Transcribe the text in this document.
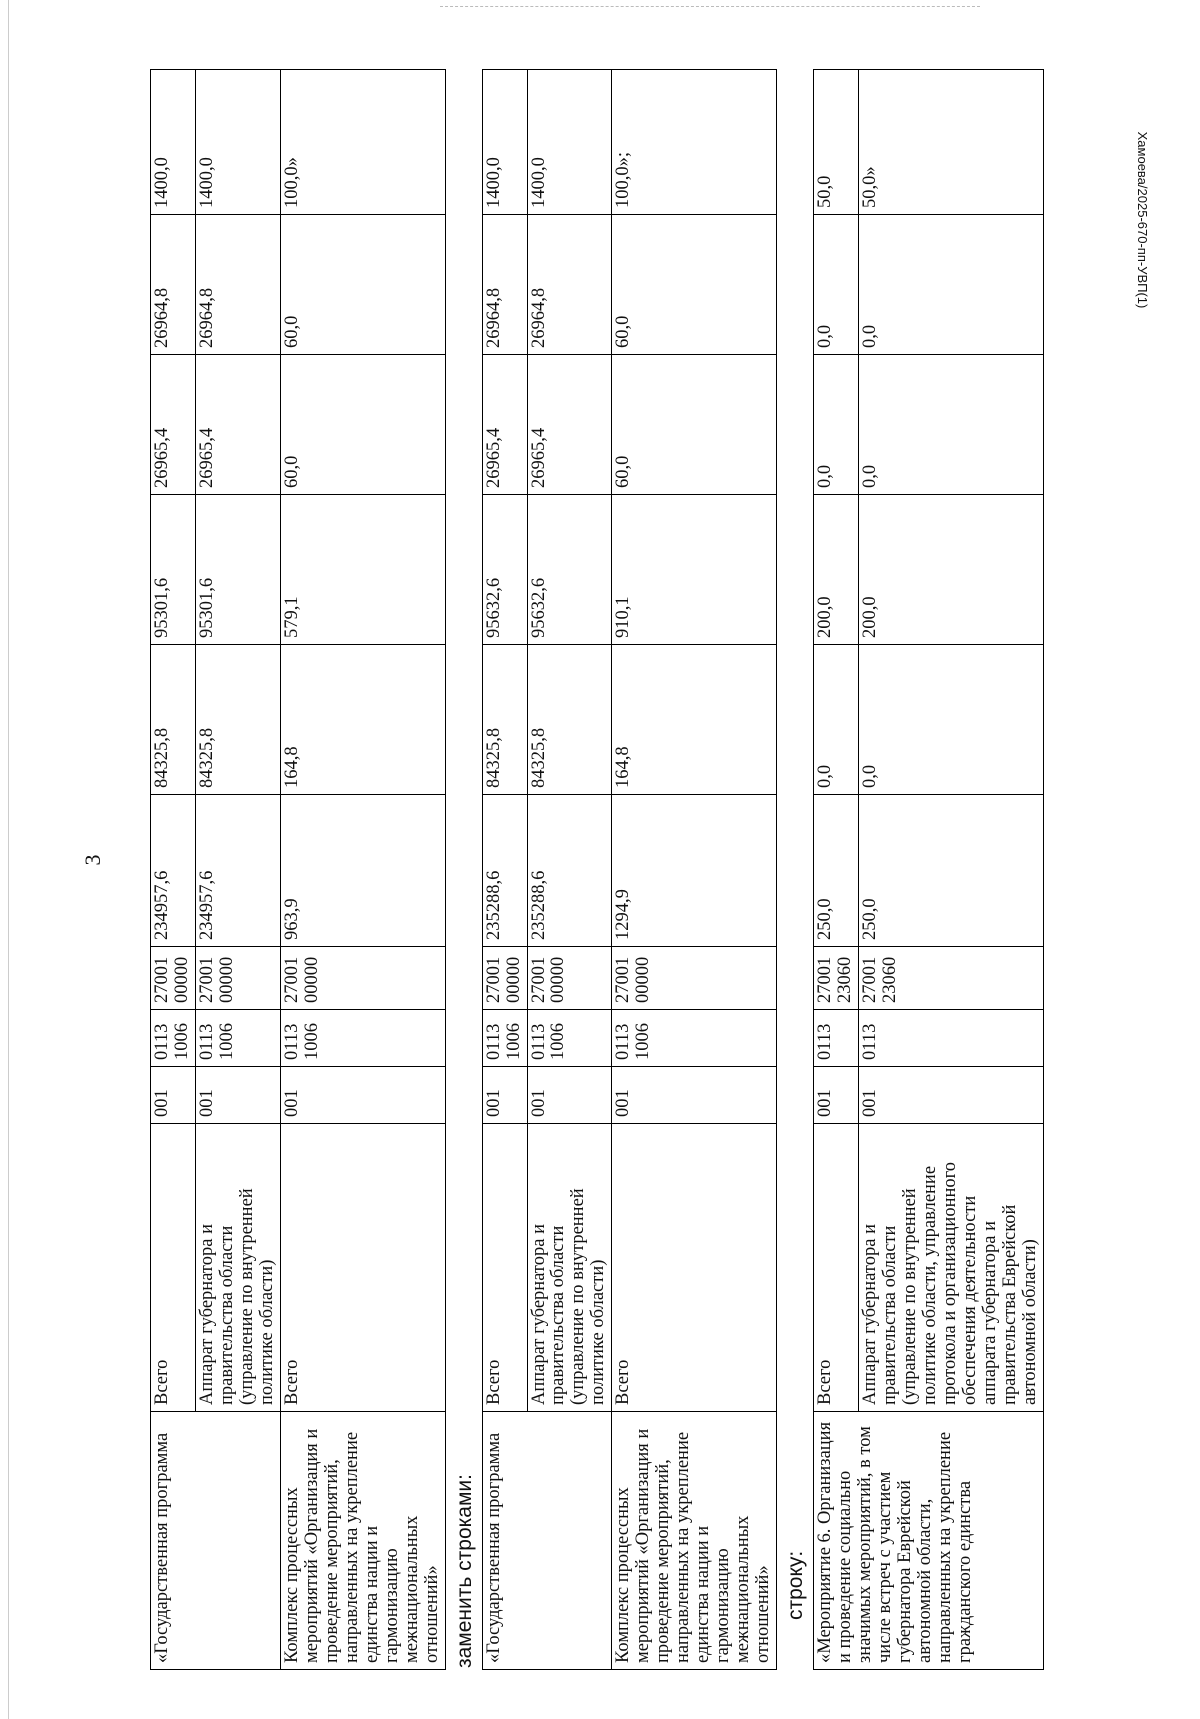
3
Хамоева/2025-670-пп-УВП(1)
«Государственная программа	Всего	001	0113 1006	27001 00000	234957,6	84325,8	95301,6	26965,4	26964,8	1400,0
	Аппарат губернатора и правительства области (управление по внутренней политике области)	001	0113 1006	27001 00000	234957,6	84325,8	95301,6	26965,4	26964,8	1400,0
Комплекс процессных мероприятий «Организация и проведение мероприятий, направленных на укрепление единства нации и гармонизацию межнациональных отношений»	Всего	001	0113 1006	27001 00000	963,9	164,8	579,1	60,0	60,0	100,0»
заменить строками: «Государственная программа	Всего	001	0113 1006	27001 00000	235288,6	84325,8	95632,6	26965,4	26964,8	1400,0
	Аппарат губернатора и правительства области (управление по внутренней политике области)	001	0113 1006	27001 00000	235288,6	84325,8	95632,6	26965,4	26964,8	1400,0
Комплекс процессных мероприятий «Организация и проведение мероприятий, направленных на укрепление единства нации и гармонизацию межнациональных отношений»	Всего	001	0113 1006	27001 00000	1294,9	164,8	910,1	60,0	60,0	100,0»;
строку: «Мероприятие 6. Организация и проведение социально значимых мероприятий, в том числе встреч с участием губернатора Еврейской автономной области, направленных на укрепление гражданского единства	Всего	001	0113	27001 23060	250,0	0,0	200,0	0,0	0,0	50,0
	Аппарат губернатора и правительства области (управление по внутренней политике области, управление протокола и организационного обеспечения деятельности аппарата губернатора и правительства Еврейской автономной области)	001	0113	27001 23060	250,0	0,0	200,0	0,0	0,0	50,0»
